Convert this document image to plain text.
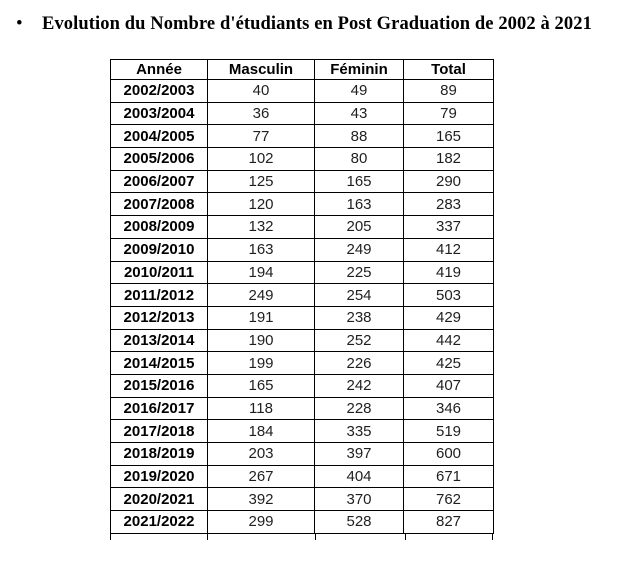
•	Evolution du Nombre d'étudiants en Post Graduation de 2002 à 2021
Année	Masculin	Féminin	Total
2002/2003	40	49	89
2003/2004	36	43	79
2004/2005	77	88	165
2005/2006	102	80	182
2006/2007	125	165	290
2007/2008	120	163	283
2008/2009	132	205	337
2009/2010	163	249	412
2010/2011	194	225	419
2011/2012	249	254	503
2012/2013	191	238	429
2013/2014	190	252	442
2014/2015	199	226	425
2015/2016	165	242	407
2016/2017	118	228	346
2017/2018	184	335	519
2018/2019	203	397	600
2019/2020	267	404	671
2020/2021	392	370	762
2021/2022	299	528	827
